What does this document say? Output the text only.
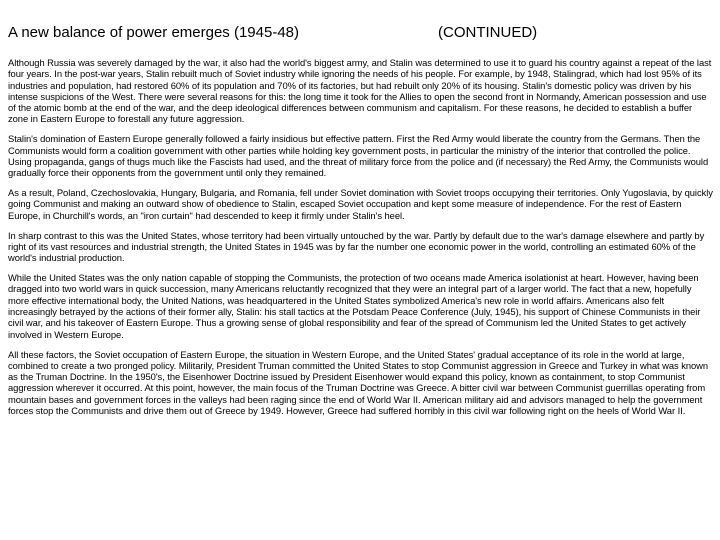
A new balance of power emerges (1945-48)	(CONTINUED)

Although Russia was severely damaged by the war, it also had the world's biggest army, and Stalin was determined to use it to guard his country against a repeat of the last four years. In the post-war years, Stalin rebuilt much of Soviet industry while ignoring the needs of his people. For example, by 1948, Stalingrad, which had lost 95% of its industries and population, had restored 60% of its population and 70% of its factories, but had rebuilt only 20% of its housing. Stalin's domestic policy was driven by his intense suspicions of the West. There were several reasons for this: the long time it took for the Allies to open the second front in Normandy, American possession and use of the atomic bomb at the end of the war, and the deep ideological differences between communism and capitalism. For these reasons, he decided to establish a buffer zone in Eastern Europe to forestall any future aggression.

Stalin's domination of Eastern Europe generally followed a fairly insidious but effective pattern. First the Red Army would liberate the country from the Germans. Then the Communists would form a coalition government with other parties while holding key government posts, in particular the ministry of the interior that controlled the police. Using propaganda, gangs of thugs much like the Fascists had used, and the threat of military force from the police and (if necessary) the Red Army, the Communists would gradually force their opponents from the government until only they remained.

As a result, Poland, Czechoslovakia, Hungary, Bulgaria, and Romania, fell under Soviet domination with Soviet troops occupying their territories. Only Yugoslavia, by quickly going Communist and making an outward show of obedience to Stalin, escaped Soviet occupation and kept some measure of independence. For the rest of Eastern Europe, in Churchill's words, an "iron curtain" had descended to keep it firmly under Stalin's heel.

In sharp contrast to this was the United States, whose territory had been virtually untouched by the war. Partly by default due to the war's damage elsewhere and partly by right of its vast resources and industrial strength, the United States in 1945 was by far the number one economic power in the world, controlling an estimated 60% of the world's industrial production.

While the United States was the only nation capable of stopping the Communists, the protection of two oceans made America isolationist at heart. However, having been dragged into two world wars in quick succession, many Americans reluctantly recognized that they were an integral part of a larger world. The fact that a new, hopefully more effective international body, the United Nations, was headquartered in the United States symbolized America's new role in world affairs. Americans also felt increasingly betrayed by the actions of their former ally, Stalin: his stall tactics at the Potsdam Peace Conference (July, 1945), his support of Chinese Communists in their civil war, and his takeover of Eastern Europe. Thus a growing sense of global responsibility and fear of the spread of Communism led the United States to get actively involved in Western Europe.

All these factors, the Soviet occupation of Eastern Europe, the situation in Western Europe, and the United States' gradual acceptance of its role in the world at large, combined to create a two pronged policy. Militarily, President Truman committed the United States to stop Communist aggression in Greece and Turkey in what was known as the Truman Doctrine. In the 1950's, the Eisenhower Doctrine issued by President Eisenhower would expand this policy, known as containment, to stop Communist aggression wherever it occurred. At this point, however, the main focus of the Truman Doctrine was Greece. A bitter civil war between Communist guerrillas operating from mountain bases and government forces in the valleys had been raging since the end of World War II. American military aid and advisors managed to help the government forces stop the Communists and drive them out of Greece by 1949. However, Greece had suffered horribly in this civil war following right on the heels of World War II.
